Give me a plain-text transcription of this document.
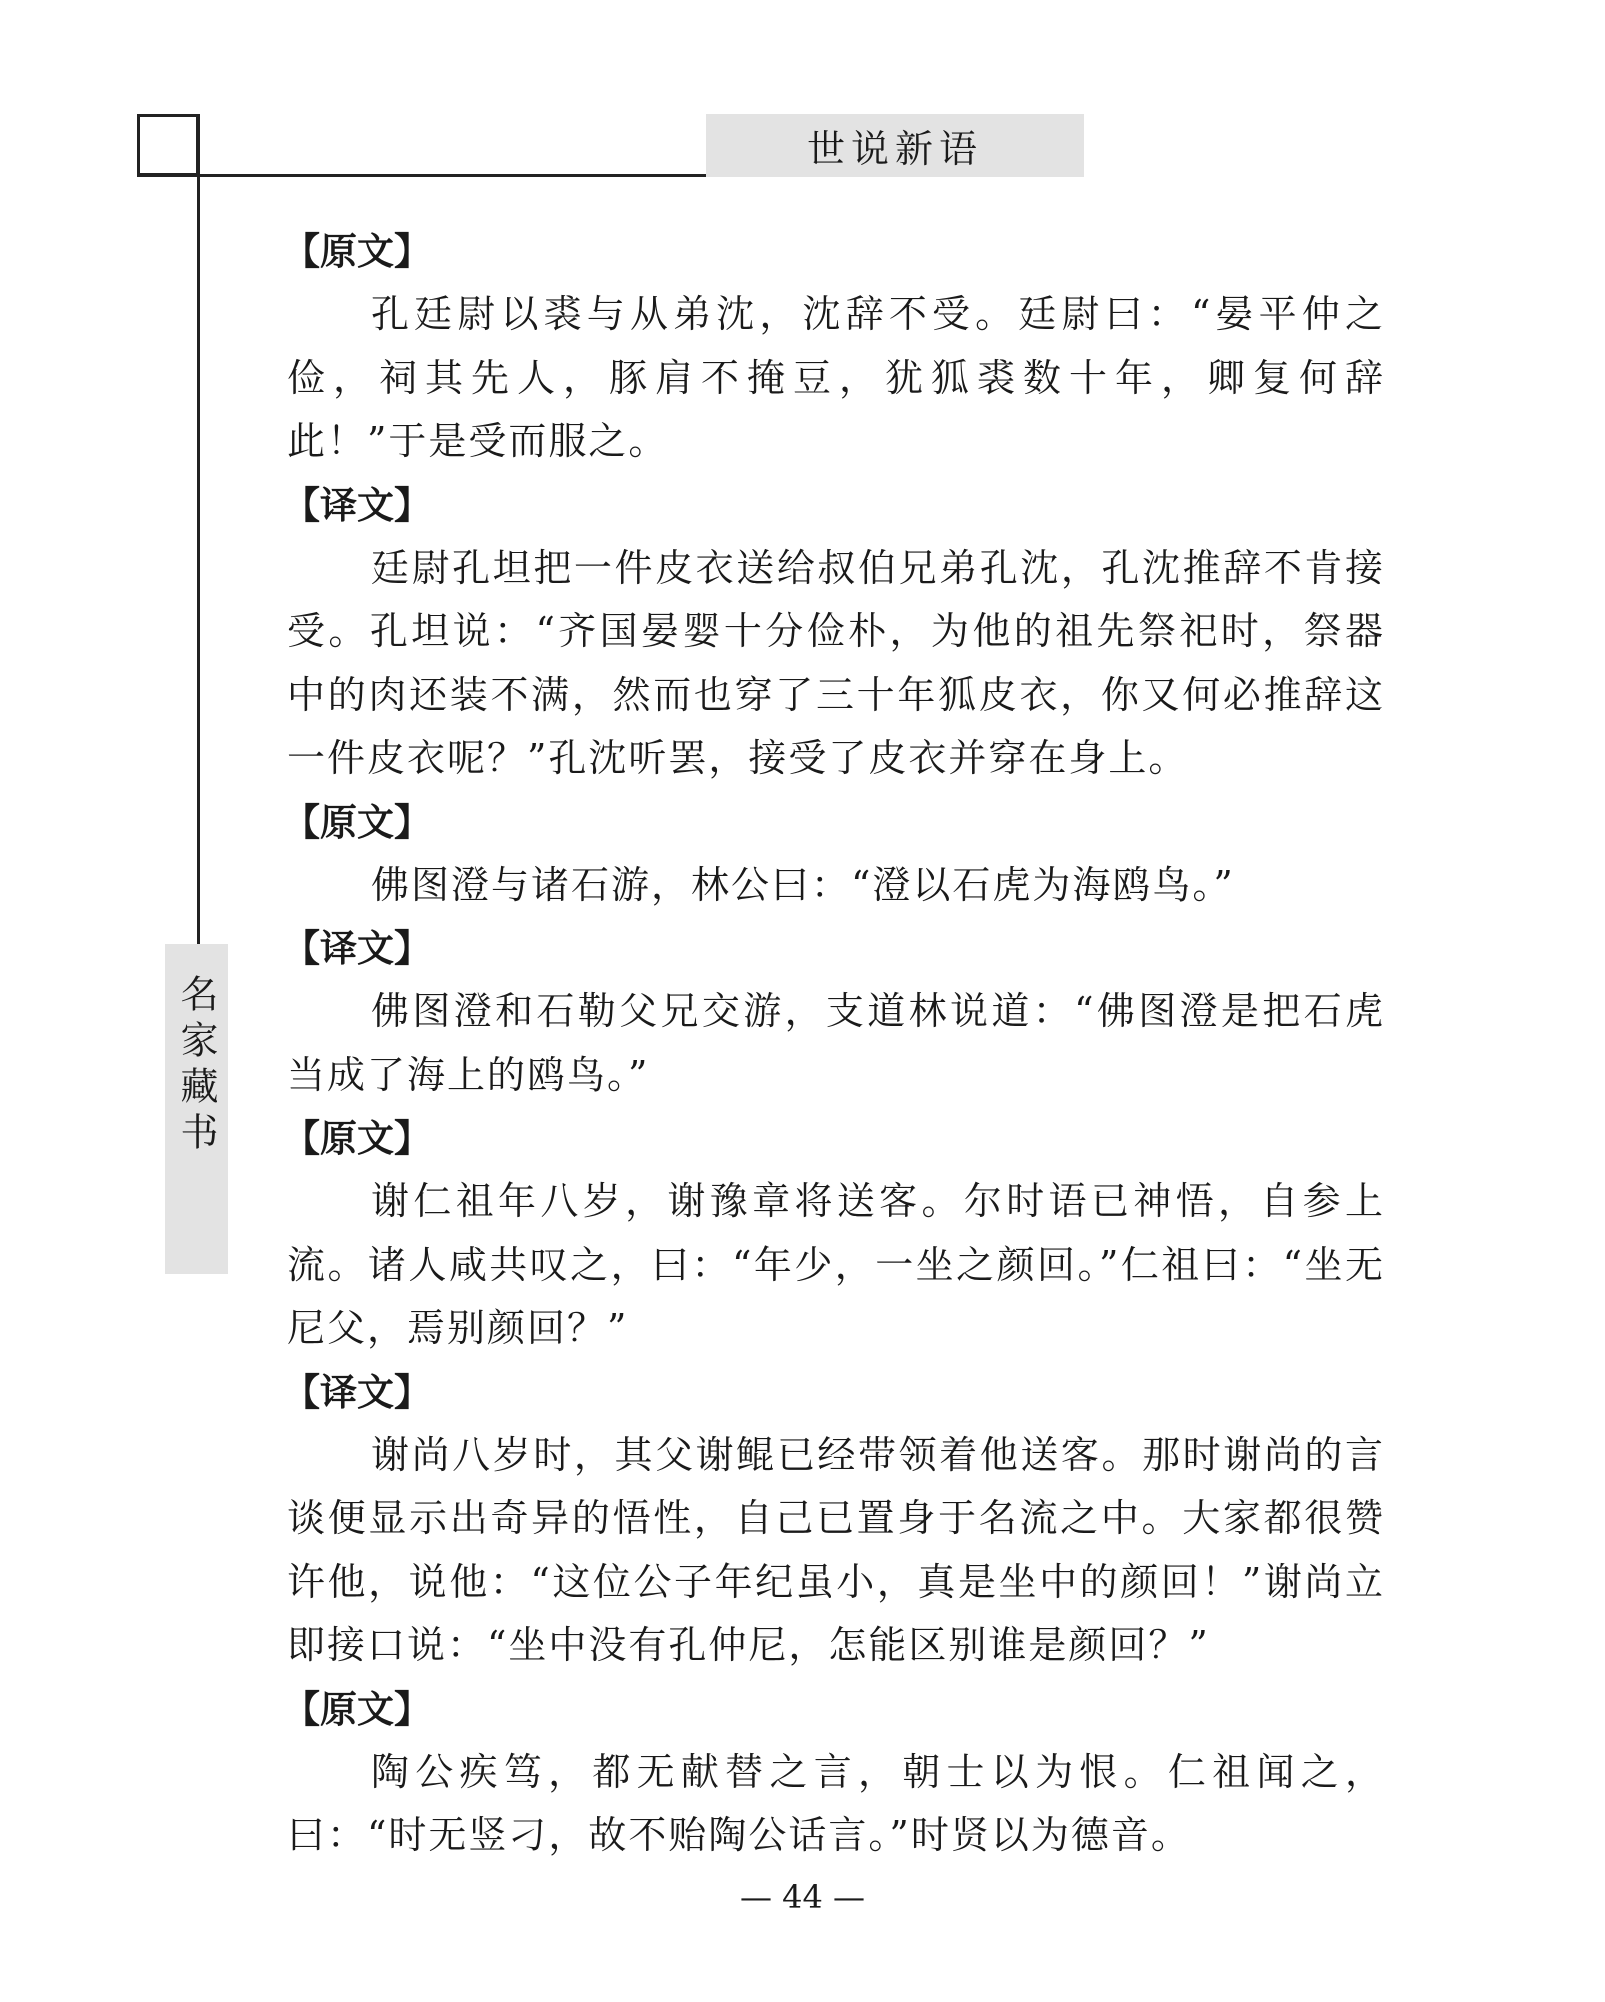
世说新语
名家藏书
【原文】

孔廷尉以裘与从弟沈，沈辞不受。廷尉曰：“晏平仲之俭，祠其先人，豚肩不掩豆，犹狐裘数十年，卿复何辞此！”于是受而服之。

【译文】

廷尉孔坦把一件皮衣送给叔伯兄弟孔沈，孔沈推辞不肯接受。孔坦说：“齐国晏婴十分俭朴，为他的祖先祭祀时，祭器中的肉还装不满，然而也穿了三十年狐皮衣，你又何必推辞这一件皮衣呢？”孔沈听罢，接受了皮衣并穿在身上。

【原文】

佛图澄与诸石游，林公曰：“澄以石虎为海鸥鸟。”

【译文】

佛图澄和石勒父兄交游，支道林说道：“佛图澄是把石虎当成了海上的鸥鸟。”

【原文】

谢仁祖年八岁，谢豫章将送客。尔时语已神悟，自参上流。诸人咸共叹之，曰：“年少，一坐之颜回。”仁祖曰：“坐无尼父，焉别颜回？”

【译文】

谢尚八岁时，其父谢鲲已经带领着他送客。那时谢尚的言谈便显示出奇异的悟性，自己已置身于名流之中。大家都很赞许他，说他：“这位公子年纪虽小，真是坐中的颜回！”谢尚立即接口说：“坐中没有孔仲尼，怎能区别谁是颜回？”

【原文】

陶公疾笃，都无献替之言，朝士以为恨。仁祖闻之，曰：“时无竖刁，故不贻陶公话言。”时贤以为德音。

— 44 —
